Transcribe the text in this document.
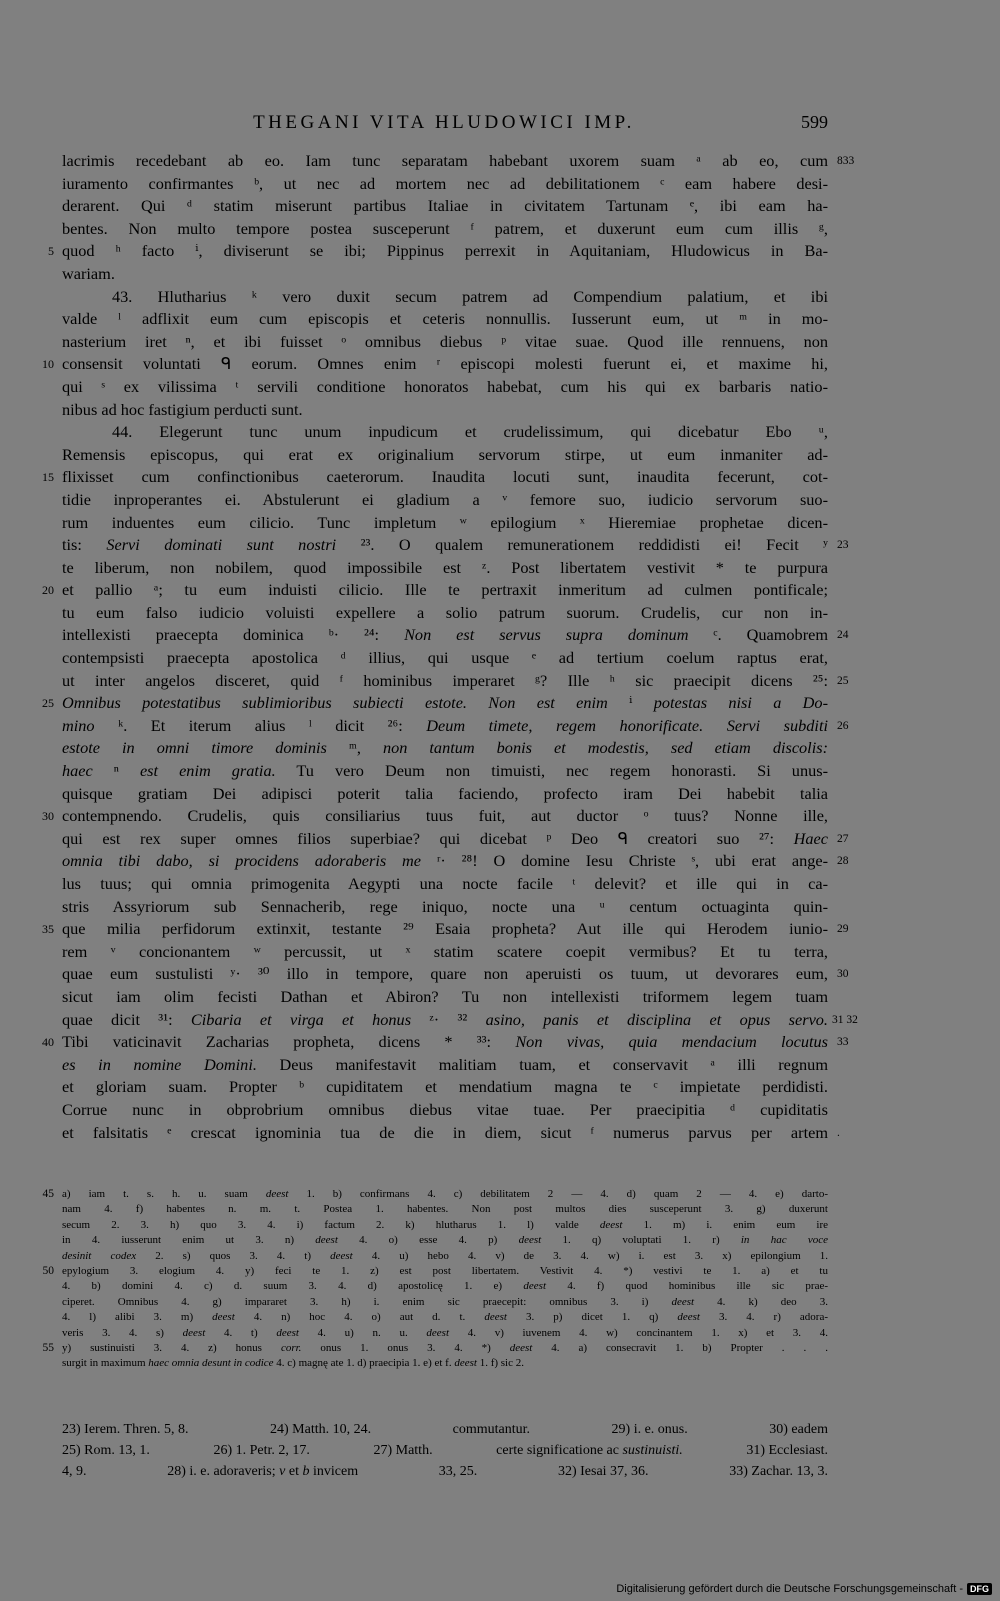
THEGANI VITA HLUDOWICI IMP.	599
lacrimis recedebant ab eo. Iam tunc separatam habebant uxorem suam ᵃ ab eo, cum 833
iuramento confirmantes ᵇ, ut nec ad mortem nec ad debilitationem ᶜ eam habere desi-
derarent. Qui ᵈ statim miserunt partibus Italiae in civitatem Tartunam ᵉ, ibi eam ha-
bentes. Non multo tempore postea susceperunt ᶠ patrem, et duxerunt eum cum illis ᵍ,
quod ʰ facto ⁱ, diviserunt se ibi; Pippinus perrexit in Aquitaniam, Hludowicus in Ba-
5
wariam.
43. Hlutharius ᵏ vero duxit secum patrem ad Compendium palatium, et ibi
valde ˡ adflixit eum cum episcopis et ceteris nonnullis. Iusserunt eum, ut ᵐ in mo-
nasterium iret ⁿ, et ibi fuisset ᵒ omnibus diebus ᵖ vitae suae. Quod ille rennuens, non
consensit voluntati ᑫ eorum. Omnes enim ʳ episcopi molesti fuerunt ei, et maxime hi,
10
qui ˢ ex vilissima ᵗ servili conditione honoratos habebat, cum his qui ex barbaris natio-
nibus ad hoc fastigium perducti sunt.
44. Elegerunt tunc unum inpudicum et crudelissimum, qui dicebatur Ebo ᵘ,
Remensis episcopus, qui erat ex originalium servorum stirpe, ut eum inmaniter ad-
flixisset cum confinctionibus caeterorum. Inaudita locuti sunt, inaudita fecerunt, cot-
15
tidie inproperantes ei. Abstulerunt ei gladium a ᵛ femore suo, iudicio servorum suo-
rum induentes eum cilicio. Tunc impletum ʷ epilogium ˣ Hieremiae prophetae dicen-
tis: Servi dominati sunt nostri ²³. O qualem remunerationem reddidisti ei! Fecit ʸ 23
te liberum, non nobilem, quod impossibile est ᶻ. Post libertatem vestivit * te purpura
et pallio ᵃ; tu eum induisti cilicio. Ille te pertraxit inmeritum ad culmen pontificale;
20
tu eum falso iudicio voluisti expellere a solio patrum suorum. Crudelis, cur non in-
intellexisti praecepta dominica ᵇ· ²⁴: Non est servus supra dominum ᶜ. Quamobrem 24
contempsisti praecepta apostolica ᵈ illius, qui usque ᵉ ad tertium coelum raptus erat,
ut inter angelos disceret, quid ᶠ hominibus imperaret ᵍ? Ille ʰ sic praecipit dicens ²⁵: 25
Omnibus potestatibus sublimioribus subiecti estote. Non est enim ⁱ potestas nisi a Do-
25
mino ᵏ. Et iterum alius ˡ dicit ²⁶: Deum timete, regem honorificate. Servi subditi 26
estote in omni timore dominis ᵐ, non tantum bonis et modestis, sed etiam discolis:
haec ⁿ est enim gratia. Tu vero Deum non timuisti, nec regem honorasti. Si unus-
quisque gratiam Dei adipisci poterit talia faciendo, profecto iram Dei habebit talia
contempnendo. Crudelis, quis consiliarius tuus fuit, aut ductor ᵒ tuus? Nonne ille,
30
qui est rex super omnes filios superbiae? qui dicebat ᵖ Deo ᑫ creatori suo ²⁷: Haec 27
omnia tibi dabo, si procidens adoraberis me ʳ· ²⁸! O domine Iesu Christe ˢ, ubi erat ange- 28
lus tuus; qui omnia primogenita Aegypti una nocte facile ᵗ delevit? et ille qui in ca-
stris Assyriorum sub Sennacherib, rege iniquo, nocte una ᵘ centum octuaginta quin-
que milia perfidorum extinxit, testante ²⁹ Esaia propheta? Aut ille qui Herodem iunio-
35	29
rem ᵛ concionantem ʷ percussit, ut ˣ statim scatere coepit vermibus? Et tu terra,
quae eum sustulisti ʸ· ³⁰ illo in tempore, quare non aperuisti os tuum, ut devorares eum, 30
sicut iam olim fecisti Dathan et Abiron? Tu non intellexisti triformem legem tuam
quae dicit ³¹: Cibaria et virga et honus ᶻ· ³² asino, panis et disciplina et opus servo. 31 32
Tibi vaticinavit Zacharias propheta, dicens * ³³: Non vivas, quia mendacium locutus
40	33
es in nomine Domini. Deus manifestavit malitiam tuam, et conservavit ᵃ illi regnum
et gloriam suam. Propter ᵇ cupiditatem et mendatium magna te ᶜ impietate perdidisti.
Corrue nunc in obprobrium omnibus diebus vitae tuae. Per praecipitia ᵈ cupiditatis
et falsitatis ᵉ crescat ignominia tua de die in diem, sicut ᶠ numerus parvus per artem .
a) iam t. s. h. u. suam deest 1. b) confirmans 4. c) debilitatem 2 — 4. d) quam 2 — 4. e) darto-
45
nam 4. f) habentes n. m. t. Postea 1. habentes. Non post multos dies susceperunt 3. g) duxerunt
secum 2. 3. h) quo 3. 4. i) factum 2. k) hlutharus 1. l) valde deest 1. m) i. enim eum ire
in 4. iusserunt enim ut 3. n) deest 4. o) esse 4. p) deest 1. q) voluptati 1. r) in hac voce
desinit codex 2. s) quos 3. 4. t) deest 4. u) hebo 4. v) de 3. 4. w) i. est 3. x) epilongium 1.
epylogium 3. elogium 4. y) feci te 1. z) est post libertatem. Vestivit 4. *) vestivi te 1. a) et tu
50
4. b) domini 4. c) d. suum 3. 4. d) apostolicę 1. e) deest 4. f) quod hominibus ille sic prae-
ciperet. Omnibus 4. g) impararet 3. h) i. enim sic praecepit: omnibus 3. i) deest 4. k) deo 3.
4. l) alibi 3. m) deest 4. n) hoc 4. o) aut d. t. deest 3. p) dicet 1. q) deest 3. 4. r) adora-
veris 3. 4. s) deest 4. t) deest 4. u) n. u. deest 4. v) iuvenem 4. w) concinantem 1. x) et 3. 4.
y) sustinuisti 3. 4. z) honus corr. onus 1. onus 3. 4. *) deest 4. a) consecravit 1. b) Propter . . .
55
surgit in maximum haec omnia desunt in codice 4. c) magnę ate 1. d) praecipia 1. e) et f. deest 1. f) sic 2.
23) Ierem. Thren. 5, 8.	24) Matth. 10, 24.	commutantur.	29) i. e. onus.	30) eadem
25) Rom. 13, 1.	26) 1. Petr. 2, 17.	27) Matth.	certe significatione ac sustinuisti.	31) Ecclesiast.
4, 9.	28) i. e. adoraveris; v et b invicem	33, 25.	32) Iesai 37, 36.	33) Zachar. 13, 3.
Digitalisierung gefördert durch die Deutsche Forschungsgemeinschaft - DFG
